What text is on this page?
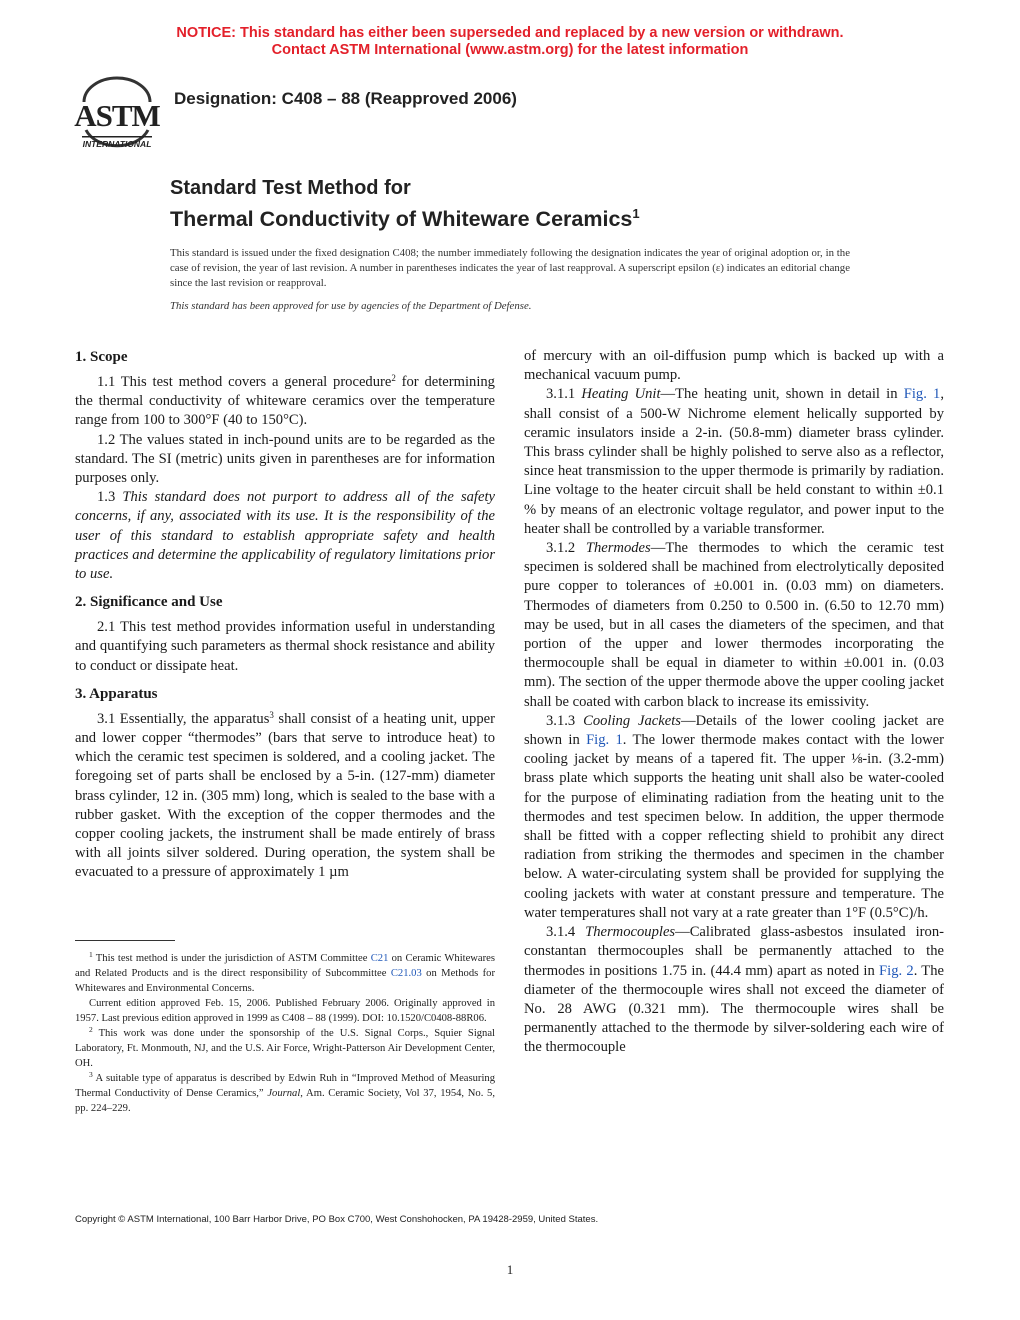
NOTICE: This standard has either been superseded and replaced by a new version or withdrawn.
Contact ASTM International (www.astm.org) for the latest information
ASTM
INTERNATIONAL
Designation: C408 – 88 (Reapproved 2006)
Standard Test Method for
Thermal Conductivity of Whiteware Ceramics$^1$
This standard is issued under the fixed designation C408; the number immediately following the designation indicates the year of original adoption or, in the case of revision, the year of last revision. A number in parentheses indicates the year of last reapproval. A superscript epsilon (ε) indicates an editorial change since the last revision or reapproval.
This standard has been approved for use by agencies of the Department of Defense.
1. Scope

1.1 This test method covers a general procedure$^2$ for determining the thermal conductivity of whiteware ceramics over the temperature range from 100 to 300°F (40 to 150°C).

1.2 The values stated in inch-pound units are to be regarded as the standard. The SI (metric) units given in parentheses are for information purposes only.

1.3 This standard does not purport to address all of the safety concerns, if any, associated with its use. It is the responsibility of the user of this standard to establish appropriate safety and health practices and determine the applicability of regulatory limitations prior to use.

2. Significance and Use

2.1 This test method provides information useful in understanding and quantifying such parameters as thermal shock resistance and ability to conduct or dissipate heat.

3. Apparatus

3.1 Essentially, the apparatus$^3$ shall consist of a heating unit, upper and lower copper “thermodes” (bars that serve to introduce heat) to which the ceramic test specimen is soldered, and a cooling jacket. The foregoing set of parts shall be enclosed by a 5-in. (127-mm) diameter brass cylinder, 12 in. (305 mm) long, which is sealed to the base with a rubber gasket. With the exception of the copper thermodes and the copper cooling jackets, the instrument shall be made entirely of brass with all joints silver soldered. During operation, the system shall be evacuated to a pressure of approximately 1 µm

of mercury with an oil-diffusion pump which is backed up with a mechanical vacuum pump.

3.1.1 Heating Unit—The heating unit, shown in detail in Fig. 1, shall consist of a 500-W Nichrome element helically supported by ceramic insulators inside a 2-in. (50.8-mm) diameter brass cylinder. This brass cylinder shall be highly polished to serve also as a reflector, since heat transmission to the upper thermode is primarily by radiation. Line voltage to the heater circuit shall be held constant to within ±0.1 % by means of an electronic voltage regulator, and power input to the heater shall be controlled by a variable transformer.

3.1.2 Thermodes—The thermodes to which the ceramic test specimen is soldered shall be machined from electrolytically deposited pure copper to tolerances of ±0.001 in. (0.03 mm) on diameters. Thermodes of diameters from 0.250 to 0.500 in. (6.50 to 12.70 mm) may be used, but in all cases the diameters of the specimen, and that portion of the upper and lower thermodes incorporating the thermocouple shall be equal in diameter to within ±0.001 in. (0.03 mm). The section of the upper thermode above the upper cooling jacket shall be coated with carbon black to increase its emissivity.

3.1.3 Cooling Jackets—Details of the lower cooling jacket are shown in Fig. 1. The lower thermode makes contact with the lower cooling jacket by means of a tapered fit. The upper ⅛-in. (3.2-mm) brass plate which supports the heating unit shall also be water-cooled for the purpose of eliminating radiation from the heating unit to the thermodes and test specimen below. In addition, the upper thermode shall be fitted with a copper reflecting shield to prohibit any direct radiation from striking the thermodes and specimen in the chamber below. A water-circulating system shall be provided for supplying the cooling jackets with water at constant pressure and temperature. The water temperatures shall not vary at a rate greater than 1°F (0.5°C)/h.

3.1.4 Thermocouples—Calibrated glass-asbestos insulated iron-constantan thermocouples shall be permanently attached to the thermodes in positions 1.75 in. (44.4 mm) apart as noted in Fig. 2. The diameter of the thermocouple wires shall not exceed the diameter of No. 28 AWG (0.321 mm). The thermocouple wires shall be permanently attached to the thermode by silver-soldering each wire of the thermocouple

$^1$ This test method is under the jurisdiction of ASTM Committee C21 on Ceramic Whitewares and Related Products and is the direct responsibility of Subcommittee C21.03 on Methods for Whitewares and Environmental Concerns.

Current edition approved Feb. 15, 2006. Published February 2006. Originally approved in 1957. Last previous edition approved in 1999 as C408 – 88 (1999). DOI: 10.1520/C0408-88R06.

$^2$ This work was done under the sponsorship of the U.S. Signal Corps., Squier Signal Laboratory, Ft. Monmouth, NJ, and the U.S. Air Force, Wright-Patterson Air Development Center, OH.

$^3$ A suitable type of apparatus is described by Edwin Ruh in “Improved Method of Measuring Thermal Conductivity of Dense Ceramics,” Journal, Am. Ceramic Society, Vol 37, 1954, No. 5, pp. 224–229.

Copyright © ASTM International, 100 Barr Harbor Drive, PO Box C700, West Conshohocken, PA 19428-2959, United States.
1
